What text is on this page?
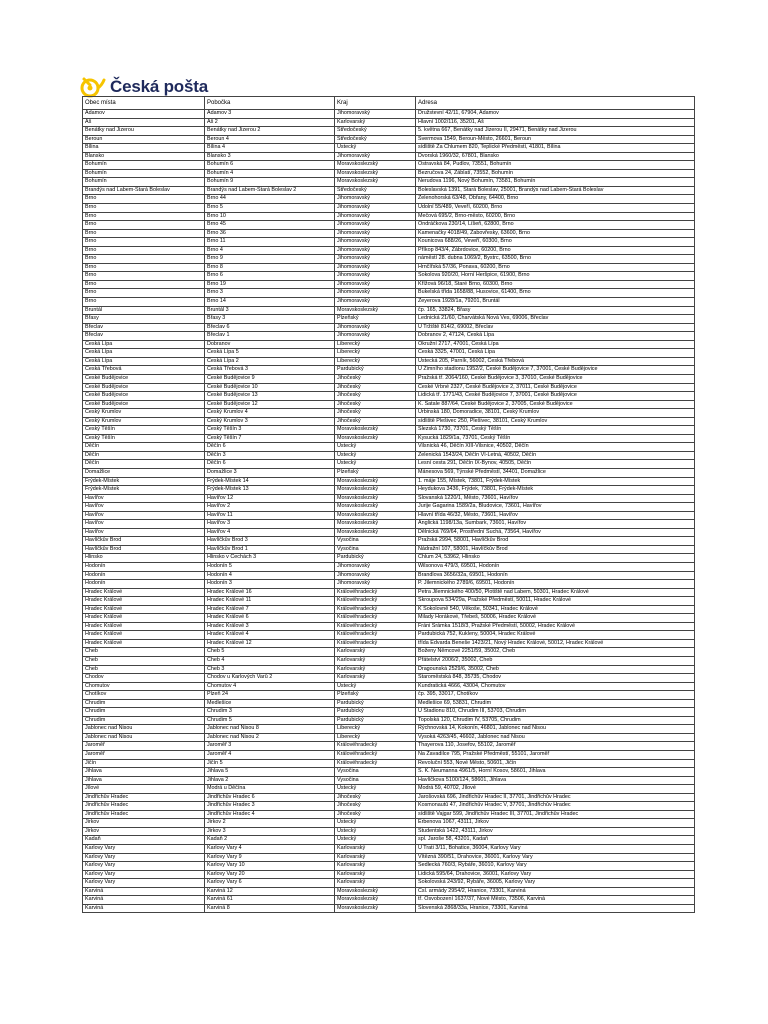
Česká pošta
Obec místa	Pobočka	Kraj	Adresa
Adamov	Adamov 3	Jihomoravský	Družstevní 42/11, 67904, Adamov
Aš	Aš 2	Karlovarský	Hlavní 1002/116, 35201, Aš
Benátky nad Jizerou	Benátky nad Jizerou 2	Středočeský	5. května 667, Benátky nad Jizerou II, 29471, Benátky nad Jizerou
Beroun	Beroun 4	Středočeský	Švermova 1549, Beroun-Město, 26601, Beroun
Bílina	Bílina 4	Ústecký	sídliště Za Chlumem 820, Teplické Předměstí, 41801, Bílina
Blansko	Blansko 3	Jihomoravský	Dvorská 1960/32, 67801, Blansko
Bohumín	Bohumín 6	Moravskoslezský	Ostravská 84, Pudlov, 73551, Bohumín
Bohumín	Bohumín 4	Moravskoslezský	Bezručova 24, Záblatí, 73552, Bohumín
Bohumín	Bohumín 9	Moravskoslezský	Nerudova 1196, Nový Bohumín, 73581, Bohumín
Brandýs nad Labem-Stará Boleslav	Brandýs nad Labem-Stará Boleslav 2	Středočeský	Boleslavská 1391, Stará Boleslav, 25001, Brandýs nad Labem-Stará Boleslav
Brno	Brno 44	Jihomoravský	Zelenohorská 63/48, Obřany, 64400, Brno
Brno	Brno 5	Jihomoravský	Údolní 55/489, Veveří, 60200, Brno
Brno	Brno 10	Jihomoravský	Mečová 695/2, Brno-město, 60200, Brno
Brno	Brno 45	Jihomoravský	Ondráčkova 230/14, Líšeň, 62800, Brno
Brno	Brno 36	Jihomoravský	Kamenačky 4018/49, Žabovřesky, 63600, Brno
Brno	Brno 11	Jihomoravský	Kounicova 688/26, Veveří, 60300, Brno
Brno	Brno 4	Jihomoravský	Příkop 843/4, Zábrdovice, 60200, Brno
Brno	Brno 9	Jihomoravský	náměstí 28. dubna 1069/2, Bystrc, 63500, Brno
Brno	Brno 8	Jihomoravský	Hrnčířská 57/36, Ponava, 60200, Brno
Brno	Brno 6	Jihomoravský	Sokolova 920/20, Horní Heršpice, 61900, Brno
Brno	Brno 19	Jihomoravský	Křížová 96/18, Staré Brno, 60300, Brno
Brno	Brno 3	Jihomoravský	Bukelská třída 1658/88, Husovice, 61400, Brno
Brno	Brno 14	Jihomoravský	Zeyerova 1928/1a, 79201, Bruntál
Bruntál	Bruntál 3	Moravskoslezský	čp. 165, 33824, Břasy
Břasy	Břasy 3	Plzeňský	Lednická 21/60, Charvátská Nová Ves, 69006, Břeclav
Břeclav	Břeclav 6	Jihomoravský	U Tržiště 814/2, 69002, Břeclav
Břeclav	Břeclav 1	Jihomoravský	Dobranov 2, 47124, Česká Lípa
Česká Lípa	Dobranov	Liberecký	Okružní 2717, 47001, Česká Lípa
Česká Lípa	Česká Lípa 5	Liberecký	Česká 3325, 47001, Česká Lípa
Česká Lípa	Česká Lípa 2	Liberecký	Ústecká 205, Parník, 56002, Česká Třebová
Česká Třebová	Česká Třebová 3	Pardubický	U Zimního stadionu 1952/2, České Budějovice 7, 37001, České Budějovice
České Budějovice	České Budějovice 9	Jihočeský	Pražská tř. 2064/160, České Budějovice 3, 37010, České Budějovice
České Budějovice	České Budějovice 10	Jihočeský	České Vrbné 2327, České Budějovice 2, 37011, České Budějovice
České Budějovice	České Budějovice 13	Jihočeský	Lidická tř. 1771/43, České Budějovice 7, 37001, České Budějovice
České Budějovice	České Budějovice 12	Jihočeský	K. Šatale 887/64, České Budějovice 2, 37005, České Budějovice
Český Krumlov	Český Krumlov 4	Jihočeský	Urbinská 180, Domoradice, 38101, Český Krumlov
Český Krumlov	Český Krumlov 3	Jihočeský	sídliště Plešivec 250, Plešivec, 38101, Český Krumlov
Český Těšín	Český Těšín 3	Moravskoslezský	Slezská 1730, 73701, Český Těšín
Český Těšín	Český Těšín 7	Moravskoslezský	Kysucká 1829/1a, 73701, Český Těšín
Děčín	Děčín 6	Ústecký	Vilsnická 46, Děčín XIII-Vilsnice, 40502, Děčín
Děčín	Děčín 3	Ústecký	Zelenická 1543/24, Děčín VI-Letná, 40502, Děčín
Děčín	Děčín 6	Ústecký	Lesní cesta 291, Děčín IX-Bynov, 40505, Děčín
Domažlice	Domažlice 3	Plzeňský	Mánesova 569, Týnské Předměstí, 34401, Domažlice
Frýdek-Místek	Frýdek-Místek 14	Moravskoslezský	1. máje 155, Místek, 73801, Frýdek-Místek
Frýdek-Místek	Frýdek-Místek 13	Moravskoslezský	Heydukova 3436, Frýdek, 73801, Frýdek-Místek
Havířov	Havířov 12	Moravskoslezský	Slovanská 1220/1, Město, 73601, Havířov
Havířov	Havířov 2	Moravskoslezský	Jurije Gagarina 1589/2a, Bludovice, 73601, Havířov
Havířov	Havířov 11	Moravskoslezský	Hlavní třída 46/32, Město, 73601, Havířov
Havířov	Havířov 3	Moravskoslezský	Anglická 1198/13a, Šumbark, 73601, Havířov
Havířov	Havířov 4	Moravskoslezský	Dělnická 769/64, Prostřední Suchá, 73564, Havířov
Havlíčkův Brod	Havlíčkův Brod 3	Vysočina	Pražská 2994, 58001, Havlíčkův Brod
Havlíčkův Brod	Havlíčkův Brod 1	Vysočina	Nádražní 107, 58001, Havlíčkův Brod
Hlinsko	Hlinsko v Čechách 3	Pardubický	Chlum 24, 53962, Hlinsko
Hodonín	Hodonín 5	Jihomoravský	Wilsonova 479/3, 69501, Hodonín
Hodonín	Hodonín 4	Jihomoravský	Brandlova 3656/32a, 69501, Hodonín
Hodonín	Hodonín 3	Jihomoravský	P. Jilemnického 2789/6, 69501, Hodonín
Hradec Králové	Hradec Králové 16	Královéhradecký	Petra Jilemnického 400/50, Plotiště nad Labem, 50301, Hradec Králové
Hradec Králové	Hradec Králové 11	Královéhradecký	Škroupova 534/29a, Pražské Předměstí, 50011, Hradec Králové
Hradec Králové	Hradec Králové 7	Královéhradecký	K Sokolovně 540, Věkoše, 50341, Hradec Králové
Hradec Králové	Hradec Králové 6	Královéhradecký	Milady Horákové, Třebeš, 50006, Hradec Králové
Hradec Králové	Hradec Králové 3	Královéhradecký	Fráni Šrámka 1518/3, Pražské Předměstí, 50002, Hradec Králové
Hradec Králové	Hradec Králové 4	Královéhradecký	Pardubická 752, Kukleny, 50004, Hradec Králové
Hradec Králové	Hradec Králové 12	Královéhradecký	třída Edvarda Beneše 1423/21, Nový Hradec Králové, 50012, Hradec Králové
Cheb	Cheb 5	Karlovarský	Boženy Němcové 2251/59, 35002, Cheb
Cheb	Cheb 4	Karlovarský	Přátelství 2006/2, 35002, Cheb
Cheb	Cheb 3	Karlovarský	Dragounská 2529/6, 35002, Cheb
Chodov	Chodov u Karlových Varů 2	Karlovarský	Staroměstská 848, 35735, Chodov
Chomutov	Chomutov 4	Ústecký	Kundratická 4666, 43004, Chomutov
Chotíkov	Plzeň 24	Plzeňský	čp. 395, 33017, Chotíkov
Chrudim	Medlešice	Pardubický	Medlešice 69, 53831, Chrudim
Chrudim	Chrudim 3	Pardubický	U Stadionu 810, Chrudim III, 53703, Chrudim
Chrudim	Chrudim 5	Pardubický	Topolská 120, Chrudim IV, 53705, Chrudim
Jablonec nad Nisou	Jablonec nad Nisou 8	Liberecký	Rýchnovská 14, Kokonín, 46801, Jablonec nad Nisou
Jablonec nad Nisou	Jablonec nad Nisou 2	Liberecký	Vysoká 4263/45, 46602, Jablonec nad Nisou
Jaroměř	Jaroměř 3	Královéhradecký	Thayerova 110, Josefov, 55102, Jaroměř
Jaroměř	Jaroměř 4	Královéhradecký	Na Zavadilce 795, Pražské Předměstí, 55101, Jaroměř
Jičín	Jičín 5	Královéhradecký	Revoluční 553, Nové Město, 50601, Jičín
Jihlava	Jihlava 5	Vysočina	S. K. Neumanna 4961/5, Horní Kosov, 58601, Jihlava
Jihlava	Jihlava 2	Vysočina	Havlíčkova 5100/124, 58601, Jihlava
Jílové	Modrá u Děčína	Ústecký	Modrá 59, 40702, Jílové
Jindřichův Hradec	Jindřichův Hradec 6	Jihočeský	Jarošovská 696, Jindřichův Hradec II, 37701, Jindřichův Hradec
Jindřichův Hradec	Jindřichův Hradec 3	Jihočeský	Kosmonautů 47, Jindřichův Hradec V, 37701, Jindřichův Hradec
Jindřichův Hradec	Jindřichův Hradec 4	Jihočeský	sídliště Vajgar 599, Jindřichův Hradec III, 37701, Jindřichův Hradec
Jirkov	Jirkov 2	Ústecký	Erbenova 1067, 43111, Jirkov
Jirkov	Jirkov 3	Ústecký	Studentská 1422, 43111, Jirkov
Kadaň	Kadaň 2	Ústecký	spl. Jaroše 58, 43201, Kadaň
Karlovy Vary	Karlovy Vary 4	Karlovarský	U Trati 3/11, Bohatice, 36004, Karlovy Vary
Karlovy Vary	Karlovy Vary 9	Karlovarský	Vítězná 390/51, Drahovice, 36001, Karlovy Vary
Karlovy Vary	Karlovy Vary 10	Karlovarský	Sedlecká 760/3, Rybáře, 36010, Karlovy Vary
Karlovy Vary	Karlovy Vary 20	Karlovarský	Lidická 595/64, Drahovice, 36001, Karlovy Vary
Karlovy Vary	Karlovy Vary 6	Karlovarský	Sokolovská 243/92, Rybáře, 36005, Karlovy Vary
Karviná	Karviná 12	Moravskoslezský	Čsl. armády 2954/2, Hranice, 73301, Karviná
Karviná	Karviná 61	Moravskoslezský	tř. Osvobození 1637/37, Nové Město, 73506, Karviná
Karviná	Karviná 8	Moravskoslezský	Slovenská 2868/33a, Hranice, 73301, Karviná
